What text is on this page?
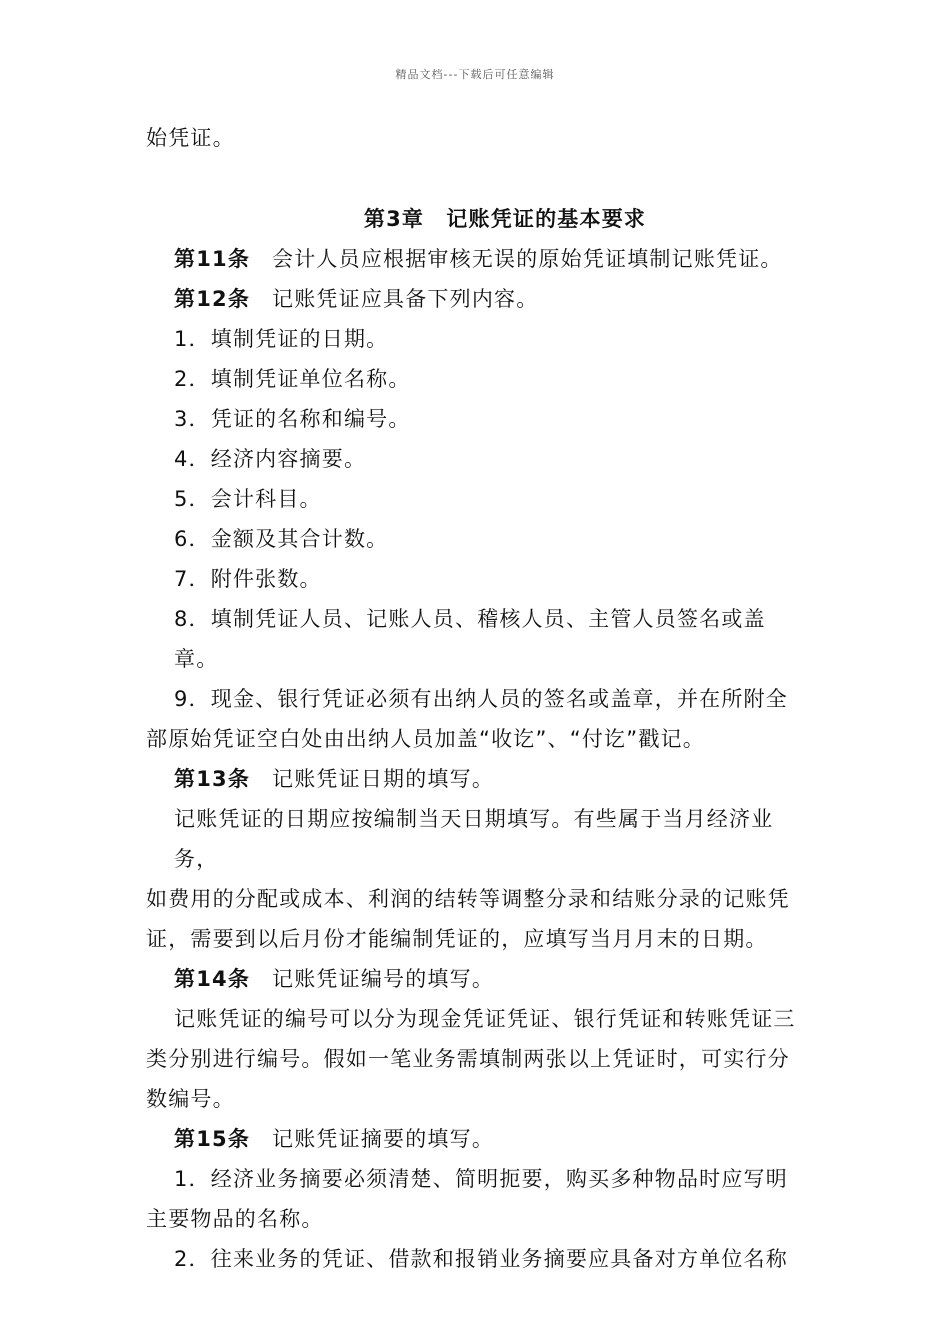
精品文档---下载后可任意编辑

始凭证。

第3章　记账凭证的基本要求

第11条 会计人员应根据审核无误的原始凭证填制记账凭证。

第12条 记账凭证应具备下列内容。

1．填制凭证的日期。

2．填制凭证单位名称。

3．凭证的名称和编号。

4．经济内容摘要。

5．会计科目。

6．金额及其合计数。

7．附件张数。

8．填制凭证人员、记账人员、稽核人员、主管人员签名或盖章。

9．现金、银行凭证必须有出纳人员的签名或盖章，并在所附全

部原始凭证空白处由出纳人员加盖“收讫”、“付讫”戳记。

第13条 记账凭证日期的填写。

记账凭证的日期应按编制当天日期填写。有些属于当月经济业务，

如费用的分配或成本、利润的结转等调整分录和结账分录的记账凭

证，需要到以后月份才能编制凭证的，应填写当月月末的日期。

第14条 记账凭证编号的填写。

记账凭证的编号可以分为现金凭证凭证、银行凭证和转账凭证三

类分别进行编号。假如一笔业务需填制两张以上凭证时，可实行分

数编号。

第15条 记账凭证摘要的填写。

1．经济业务摘要必须清楚、简明扼要，购买多种物品时应写明

主要物品的名称。

2．往来业务的凭证、借款和报销业务摘要应具备对方单位名称
